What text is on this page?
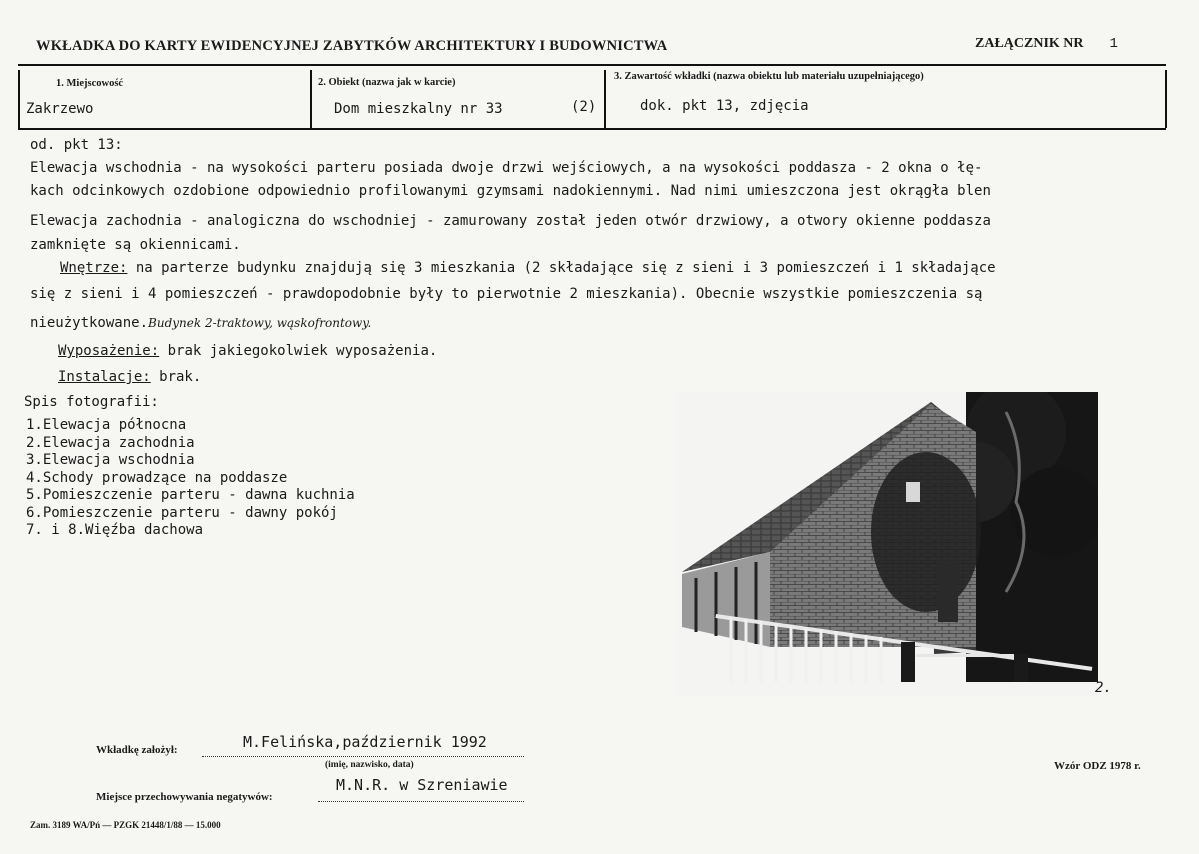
WKŁADKA DO KARTY EWIDENCYJNEJ ZABYTKÓW ARCHITEKTURY I BUDOWNICTWA	ZAŁĄCZNIK NR 1
1. Miejscowość
Zakrzewo
2. Obiekt (nazwa jak w karcie)
Dom mieszkalny nr 33	(2)
3. Zawartość wkładki (nazwa obiektu lub materiału uzupełniającego)
dok. pkt 13, zdjęcia
od. pkt 13:
Elewacja wschodnia - na wysokości parteru posiada dwoje drzwi wejściowych, a na wysokości poddasza - 2 okna o łę-
kach odcinkowych ozdobione odpowiednio profilowanymi gzymsami nadokiennymi. Nad nimi umieszczona jest okrągła blen
Elewacja zachodnia - analogiczna do wschodniej - zamurowany został jeden otwór drzwiowy, a otwory okienne poddasza
zamknięte są okiennicami.
Wnętrze: na parterze budynku znajdują się 3 mieszkania (2 składające się z sieni i 3 pomieszczeń i 1 składające
się z sieni i 4 pomieszczeń - prawdopodobnie były to pierwotnie 2 mieszkania). Obecnie wszystkie pomieszczenia są
nieużytkowane.Budynek 2-traktowy, wąskofrontowy.
Wyposażenie: brak jakiegokolwiek wyposażenia.
Instalacje: brak.
Spis fotografii:
1.Elewacja północna
2.Elewacja zachodnia
3.Elewacja wschodnia
4.Schody prowadzące na poddasze
5.Pomieszczenie parteru - dawna kuchnia
6.Pomieszczenie parteru - dawny pokój
7. i 8.Więźba dachowa
2.
Wkładkę założył:	M.Felińska,październik 1992
(imię, nazwisko, data)
Miejsce przechowywania negatywów:
M.N.R. w Szreniawie
Wzór ODZ 1978 r.
Zam. 3189 WA/Pń — PZGK 21448/1/88 — 15.000
